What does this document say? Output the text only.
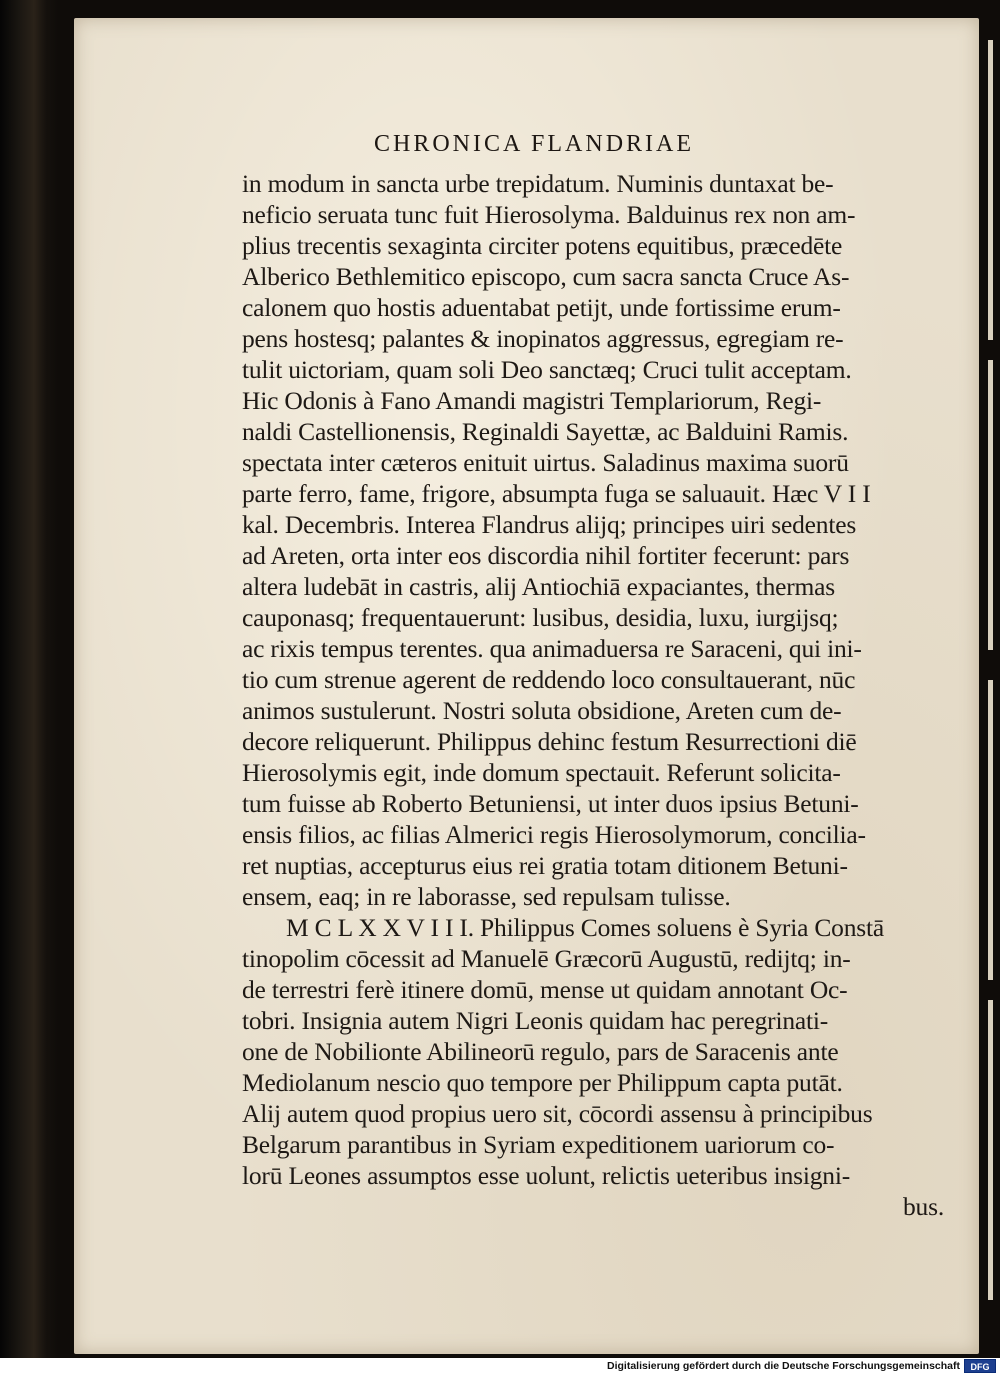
CHRONICA FLANDRIAE
in modum in sancta urbe trepidatum. Numinis duntaxat be-
neficio seruata tunc fuit Hierosolyma. Balduinus rex non am-
plius trecentis sexaginta circiter potens equitibus, præcedēte
Alberico Bethlemitico episcopo, cum sacra sancta Cruce As-
calonem quo hostis aduentabat petijt, unde fortissime erum-
pens hostesq; palantes & inopinatos aggressus, egregiam re-
tulit uictoriam, quam soli Deo sanctæq; Cruci tulit acceptam.
Hic Odonis à Fano Amandi magistri Templariorum, Regi-
naldi Castellionensis, Reginaldi Sayettæ, ac Balduini Ramis.
spectata inter cæteros enituit uirtus. Saladinus maxima suorū
parte ferro, fame, frigore, absumpta fuga se saluauit. Hæc V I I
kal. Decembris. Interea Flandrus alijq; principes uiri sedentes
ad Areten, orta inter eos discordia nihil fortiter fecerunt: pars
altera ludebāt in castris, alij Antiochiā expaciantes, thermas
cauponasq; frequentauerunt: lusibus, desidia, luxu, iurgijsq;
ac rixis tempus terentes. qua animaduersa re Saraceni, qui ini-
tio cum strenue agerent de reddendo loco consultauerant, nūc
animos sustulerunt. Nostri soluta obsidione, Areten cum de-
decore reliquerunt. Philippus dehinc festum Resurrectioni diē
Hierosolymis egit, inde domum spectauit. Referunt solicita-
tum fuisse ab Roberto Betuniensi, ut inter duos ipsius Betuni-
ensis filios, ac filias Almerici regis Hierosolymorum, concilia-
ret nuptias, accepturus eius rei gratia totam ditionem Betuni-
ensem, eaq; in re laborasse, sed repulsam tulisse.
M C L X X V I I I. Philippus Comes soluens è Syria Constā
tinopolim cōcessit ad Manuelē Græcorū Augustū, redijtq; in-
de terrestri ferè itinere domū, mense ut quidam annotant Oc-
tobri. Insignia autem Nigri Leonis quidam hac peregrinati-
one de Nobilionte Abilineorū regulo, pars de Saracenis ante
Mediolanum nescio quo tempore per Philippum capta putāt.
Alij autem quod propius uero sit, cōcordi assensu à principibus
Belgarum parantibus in Syriam expeditionem uariorum co-
lorū Leones assumptos esse uolunt, relictis ueteribus insigni-
bus.
Digitalisierung gefördert durch die Deutsche Forschungsgemeinschaft	DFG
